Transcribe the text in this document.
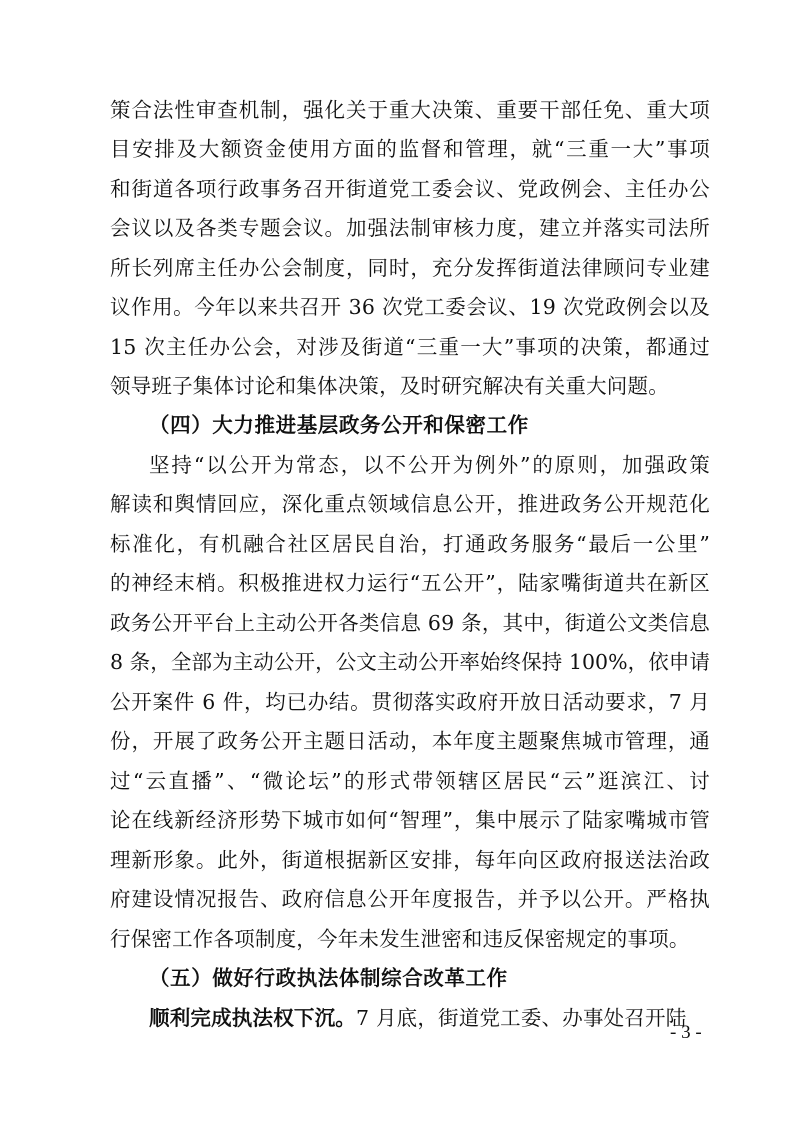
策合法性审查机制，强化关于重大决策、重要干部任免、重大项
目安排及大额资金使用方面的监督和管理，就“三重一大”事项
和街道各项行政事务召开街道党工委会议、党政例会、主任办公
会议以及各类专题会议。加强法制审核力度，建立并落实司法所
所长列席主任办公会制度，同时，充分发挥街道法律顾问专业建
议作用。今年以来共召开 36 次党工委会议、19 次党政例会以及
15 次主任办公会，对涉及街道“三重一大”事项的决策，都通过
领导班子集体讨论和集体决策，及时研究解决有关重大问题。
（四）大力推进基层政务公开和保密工作
坚持“以公开为常态，以不公开为例外”的原则，加强政策
解读和舆情回应，深化重点领域信息公开，推进政务公开规范化
标准化，有机融合社区居民自治，打通政务服务“最后一公里”
的神经末梢。积极推进权力运行“五公开”，陆家嘴街道共在新区
政务公开平台上主动公开各类信息 69 条，其中，街道公文类信息
8 条，全部为主动公开，公文主动公开率始终保持 100%，依申请
公开案件 6 件，均已办结。贯彻落实政府开放日活动要求，7 月
份，开展了政务公开主题日活动，本年度主题聚焦城市管理，通
过“云直播”、“微论坛”的形式带领辖区居民“云”逛滨江、讨
论在线新经济形势下城市如何“智理”，集中展示了陆家嘴城市管
理新形象。此外，街道根据新区安排，每年向区政府报送法治政
府建设情况报告、政府信息公开年度报告，并予以公开。严格执
行保密工作各项制度，今年未发生泄密和违反保密规定的事项。
（五）做好行政执法体制综合改革工作
顺利完成执法权下沉。7 月底，街道党工委、办事处召开陆
- 3 -
